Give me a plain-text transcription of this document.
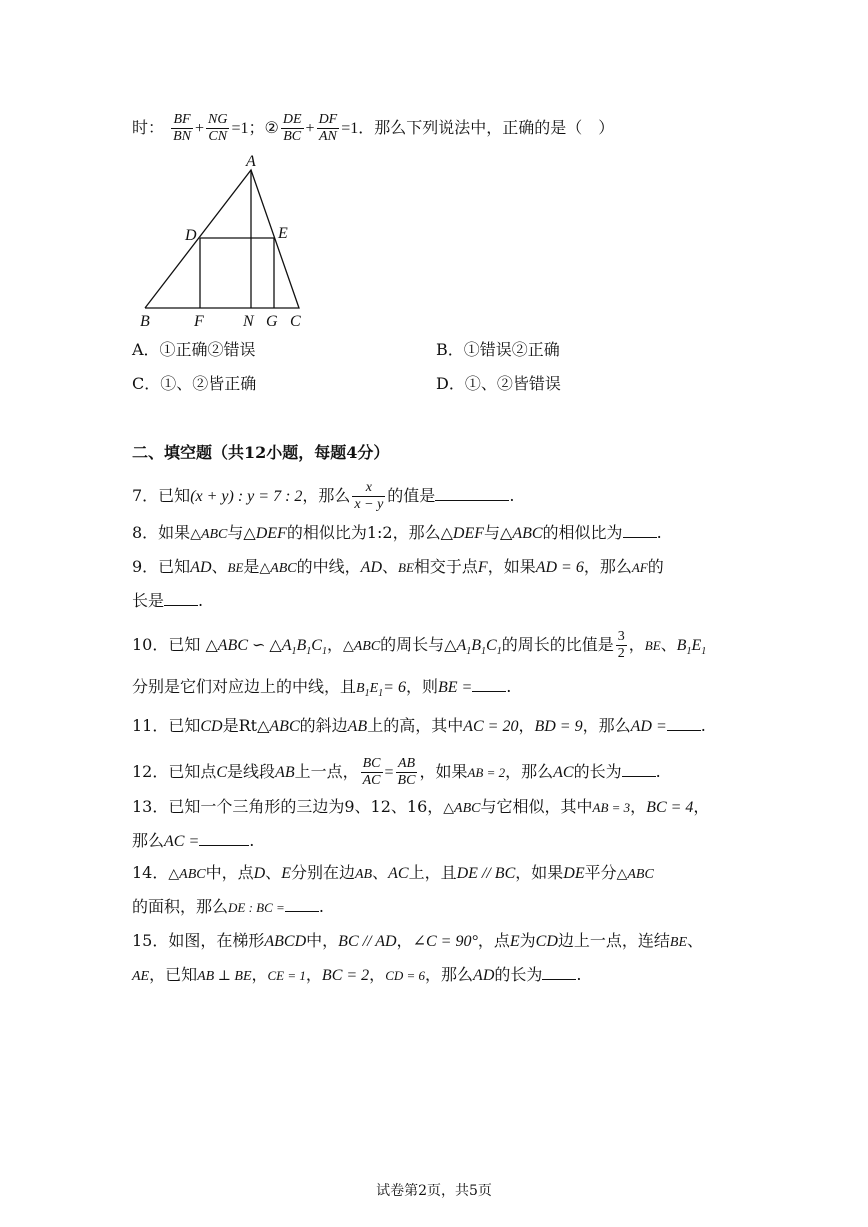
时： $\frac{BF}{BN} + \frac{NG}{CN} =1$；② $\frac{DE}{BC} + \frac{DF}{AN} =1$．那么下列说法中，正确的是（　）
A
B	C
D	E
F N G
A．①正确②错误	B．①错误②正确
C．①、②皆正确	D．①、②皆错误
二、填空题（共12小题，每题4分）
7．已知(x + y) : y = 7 : 2，那么 $\frac{x}{x - y}$ 的值是	.
8．如果△ABC与△DEF的相似比为1:2，那么△DEF与△ABC的相似比为 .
9．已知AD、BE是△ABC的中线，AD、BE相交于点F，如果AD = 6，那么AF的
长是 .
10．已知 △ABC ∽ $\triangle A_1B_1C_1$，△ABC的周长与$\triangle A_1B_1C_1$的周长的比值是 $\frac{3}{2}$ ，BE、$B_1E_1$
分别是它们对应边上的中线，且$B_1E_1= 6$，则BE = .
11．已知CD是Rt△ABC的斜边AB上的高，其中AC = 20，BD = 9，那么AD = .
12．已知点C是线段AB上一点， $\frac{BC}{AC} = \frac{AB}{BC}$ ，如果AB = 2，那么AC的长为 .
13．已知一个三角形的三边为9、12、16，△ABC与它相似，其中AB = 3，BC = 4，
那么AC =	.
14．△ABC中，点D、E分别在边AB、AC上，且DE // BC，如果DE平分△ABC
的面积，那么DE : BC = .
15．如图，在梯形ABCD中，BC // AD，∠C = 90°，点E为CD边上一点，连结BE、
AE，已知AB ⊥ BE，CE = 1，BC = 2，CD = 6，那么AD的长为 .
试卷第2页，共5页
